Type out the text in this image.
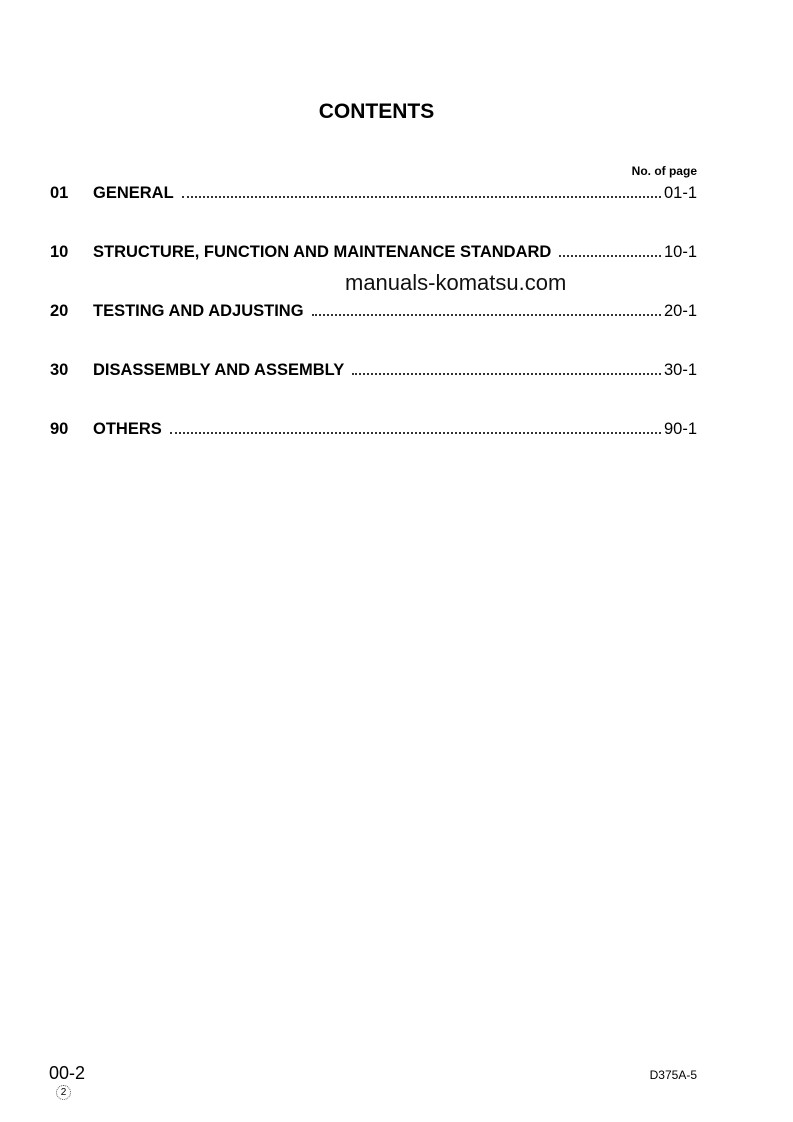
CONTENTS
No. of page
01	GENERAL	01-1
10	STRUCTURE, FUNCTION AND MAINTENANCE STANDARD	10-1
20	TESTING AND ADJUSTING	20-1
30	DISASSEMBLY AND ASSEMBLY	30-1
90	OTHERS	90-1
manuals-komatsu.com
00-2	D375A-5
2
